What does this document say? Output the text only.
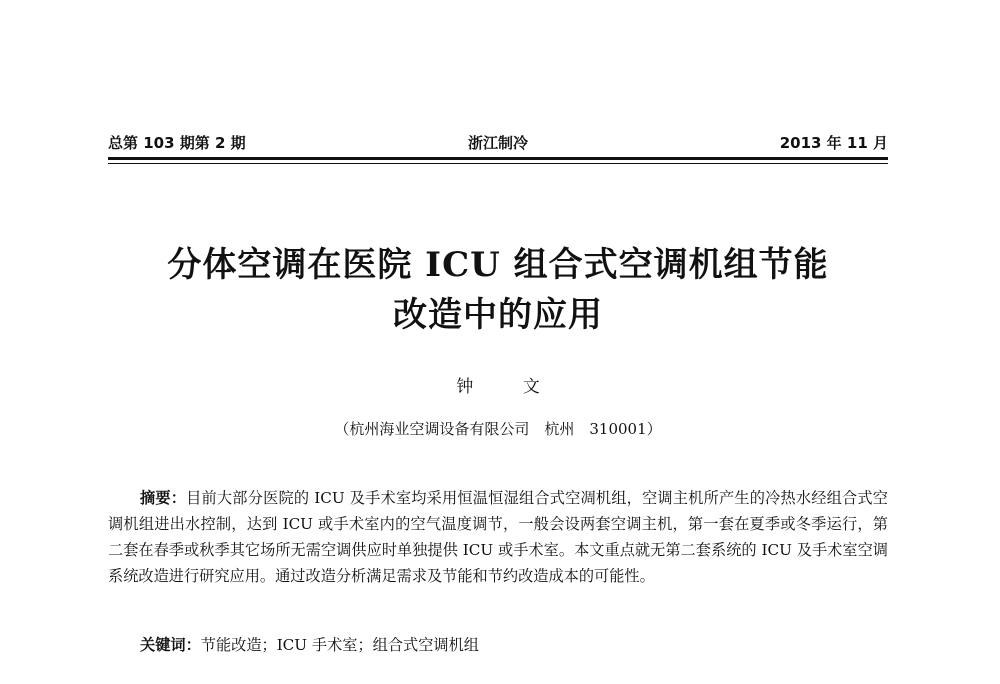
总第 103 期第 2 期	浙江制冷	2013 年 11 月
分体空调在医院 ICU 组合式空调机组节能
改造中的应用
钟 文
（杭州海业空调设备有限公司　杭州　310001）

摘要：目前大部分医院的 ICU 及手术室均采用恒温恒湿组合式空凋机组，空调主机所产生的冷热水经组合式空调机组进出水控制，达到 ICU 或手术室内的空气温度调节，一般会设两套空调主机，第一套在夏季或冬季运行，第二套在春季或秋季其它场所无需空调供应时单独提供 ICU 或手术室。本文重点就无第二套系统的 ICU 及手术室空调系统改造进行研究应用。通过改造分析满足需求及节能和节约改造成本的可能性。

关键词：节能改造；ICU 手术室；组合式空调机组
